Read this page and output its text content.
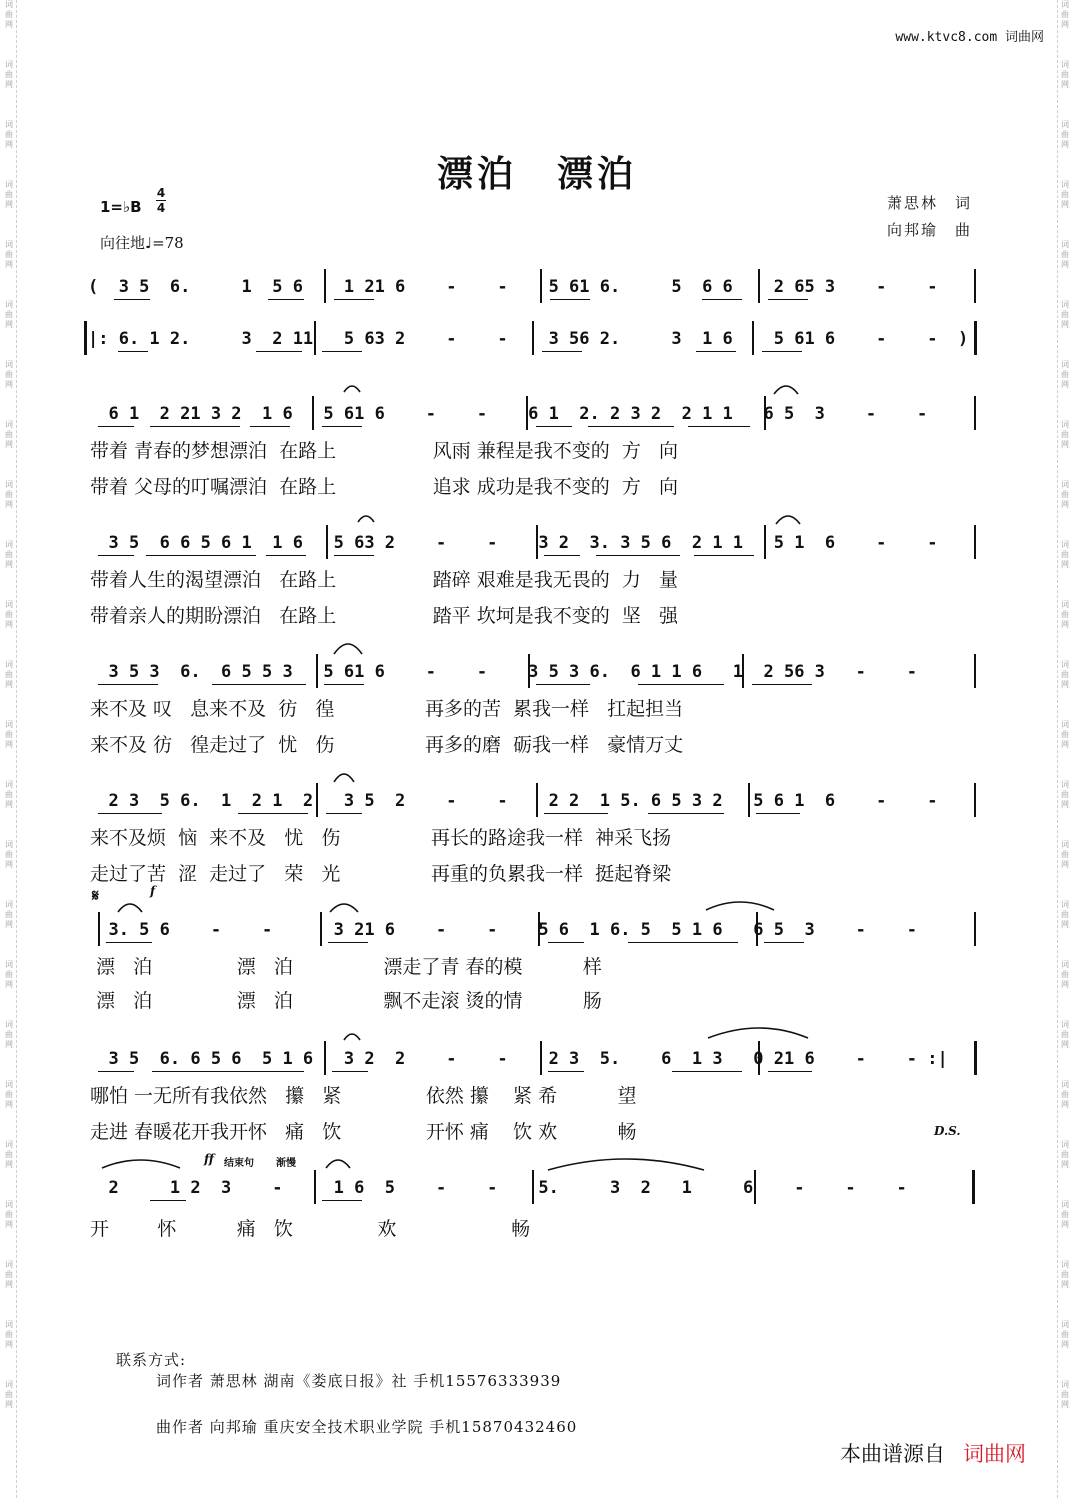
词曲网
词曲网
词曲网
词曲网
词曲网
词曲网
词曲网
词曲网
词曲网
词曲网
词曲网
词曲网
词曲网
词曲网
词曲网
词曲网
词曲网
词曲网
词曲网
词曲网
词曲网
词曲网
词曲网
词曲网
词曲网
词曲网
词曲网
词曲网
词曲网
词曲网
词曲网
词曲网
词曲网
词曲网
词曲网
词曲网
词曲网
词曲网
词曲网
词曲网
词曲网
词曲网
词曲网
词曲网
词曲网
词曲网
词曲网
词曲网
www.ktvc8.com 词曲网
漂泊　漂泊
1=♭B
4
4
向往地♩=78
萧思林　词
向邦瑜　曲
(  3 5  6.     1  5 6    1 21 6    -    -    5 61 6.     5  6 6    2 65 3    -    -
|: 6. 1 2.     3  2 11   5 63 2    -    -    3 56 2.     3  1 6    5 61 6    -    -  )
6 1  2 21 3 2  1 6   5 61 6    -    -    6 1  2. 2 3 2  2 1 1   6 5  3    -    -
带着 青春的梦想漂泊  在路上                风雨 兼程是我不变的  方   向
带着 父母的叮嘱漂泊  在路上                追求 成功是我不变的  方   向
3 5  6 6 5 6 1  1 6   5 63 2    -    -    3 2  3. 3 5 6  2 1 1   5 1  6    -    -
带着人生的渴望漂泊   在路上                踏碎 艰难是我无畏的  力   量
带着亲人的期盼漂泊   在路上                踏平 坎坷是我不变的  坚   强
3 5 3  6.  6 5 5 3   5 61 6    -    -    3 5 3 6.  6 1 1 6   1  2 56 3   -    -
来不及 叹   息来不及  彷   徨               再多的苦  累我一样   扛起担当
来不及 彷   徨走过了  忧   伤               再多的磨  砺我一样   豪情万丈
2 3  5 6.  1  2 1  2   3 5  2    -    -    2 2  1 5. 6 5 3 2   5 6 1  6    -    -
来不及烦  恼  来不及   忧   伤               再长的路途我一样  神采飞扬
走过了苦  涩  走过了   荣   光               再重的负累我一样  挺起脊梁
𝄋	f
3. 5 6    -    -      3 21 6    -    -    5 6  1 6. 5  5 1 6   6 5  3    -    -
漂   泊              漂   泊               漂走了青 春的模          样
漂   泊              漂   泊               飘不走滚 烫的情          肠
3 5  6. 6 5 6  5 1 6   3 2  2    -    -    2 3  5.    6  1 3   0 21 6    -    - :|
哪怕 一无所有我依然   攥   紧              依然 攥    紧 希          望
走进 春暖花开我开怀   痛   饮              开怀 痛    饮 欢          畅	D.S.
ff 结束句 渐慢
2     1 2  3    -     1 6  5    -    -    5.     3  2   1     6    -    -    -
开        怀          痛   饮              欢                   畅
联系方式:
词作者 萧思林 湖南《娄底日报》社 手机15576333939
曲作者 向邦瑜 重庆安全技术职业学院 手机15870432460
本曲谱源自 词曲网
